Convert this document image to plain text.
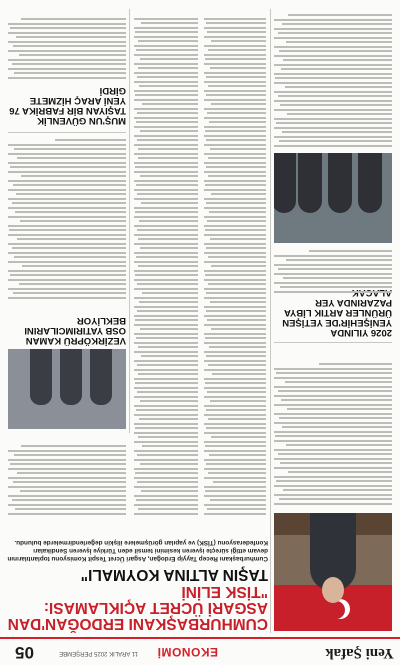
Yeni Şafak
EKONOMİ
11 ARALIK 2025 PERŞEMBE
05
CUMHURBAŞKANI ERDOĞAN'DAN ASGARİ ÜCRET AÇIKLAMASI: "TİSK ELİNİ
TAŞIN ALTINA KOYMALI"
Cumhurbaşkanı Recep Tayyip Erdoğan, Asgari Ücret Tespit Komisyonu toplantılarının devam ettiği süreçte işveren kesimini temsil eden Türkiye İşveren Sendikaları Konfederasyonu (TİSK) ve yapılan görüşmelere ilişkin değerlendirmelerde bulundu.
VEZİRKÖPRÜ KAMAN OSB YATIRIMCILARINI BEKLİYOR
2026 YILINDA YENİŞEHİR'DE YETİŞEN ÜRÜNLER ARTIK LİBYA PAZARINDA YER
MUŞ'UN GÜVENLİK TAŞIYAN BİR FABRİKA 76 YENİ ARAÇ HİZMETE GİRDİ
